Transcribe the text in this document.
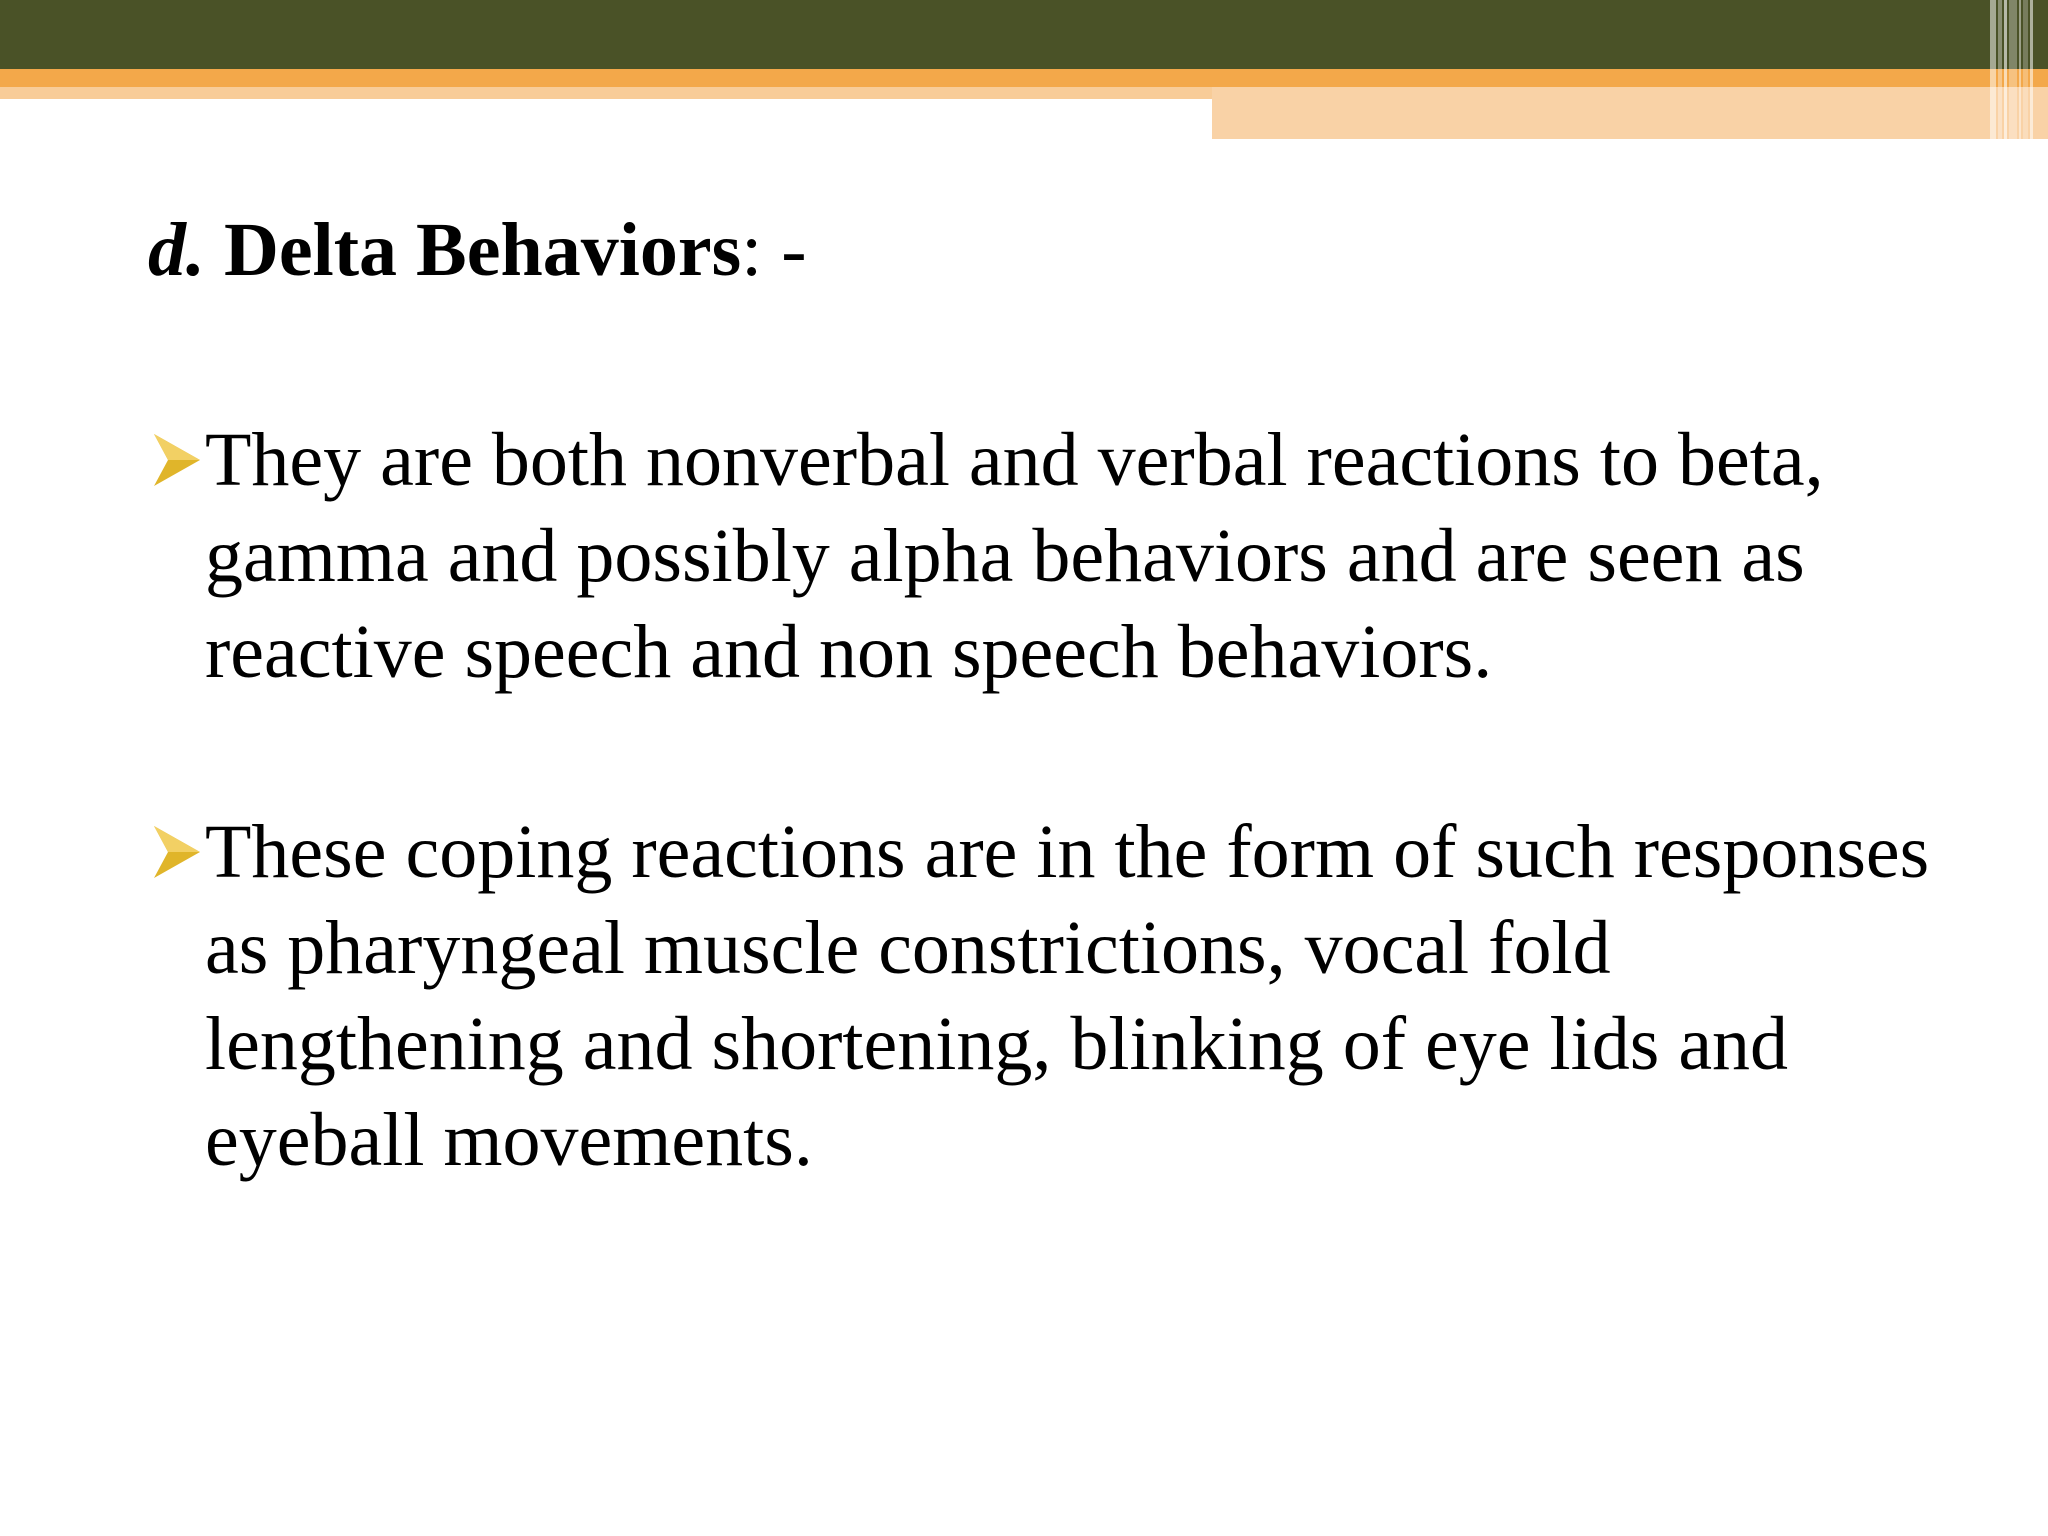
d. Delta Behaviors: -
They are both nonverbal and verbal reactions to beta, gamma and possibly alpha behaviors and are seen as reactive speech and non speech behaviors.
These coping reactions are in the form of such responses as pharyngeal muscle constrictions, vocal fold lengthening and shortening, blinking of eye lids and eyeball movements.
